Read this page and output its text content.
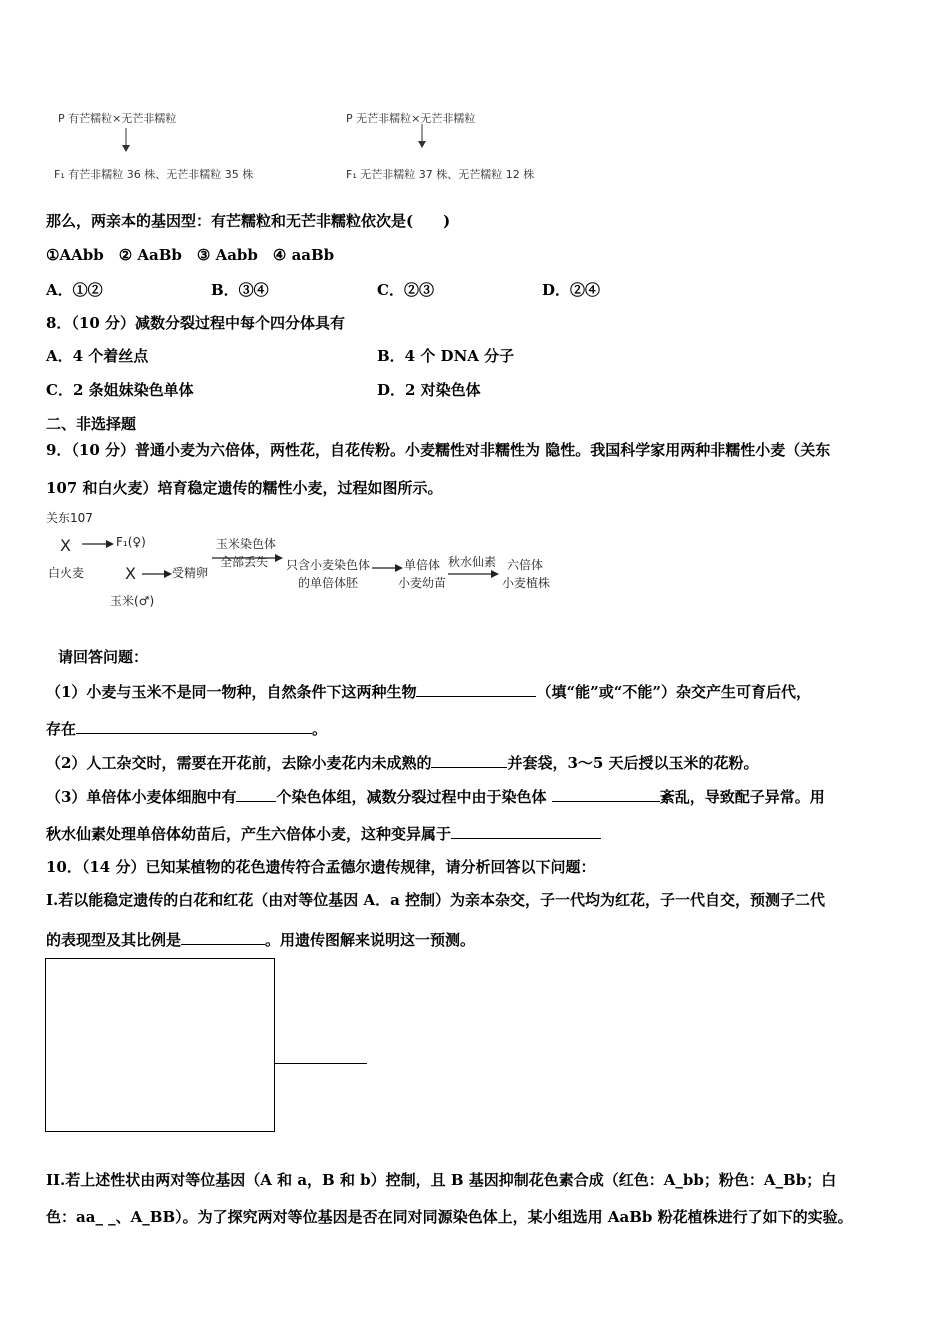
P 有芒糯粒×无芒非糯粒
F₁ 有芒非糯粒 36 株、无芒非糯粒 35 株
P 无芒非糯粒×无芒非糯粒
F₁ 无芒非糯粒 37 株、无芒糯粒 12 株
那么，两亲本的基因型：有芒糯粒和无芒非糯粒依次是(　　)
①AAbb　② AaBb　③ Aabb　④ aaBb
A．①②	B．③④	C．②③	D．②④
8．（10 分）减数分裂过程中每个四分体具有
A．4 个着丝点	B．4 个 DNA 分子
C．2 条姐妹染色单体	D．2 对染色体
二、非选择题
9．（10 分）普通小麦为六倍体，两性花，自花传粉。小麦糯性对非糯性为 隐性。我国科学家用两种非糯性小麦（关东
107 和白火麦）培育稳定遗传的糯性小麦，过程如图所示。
关东107
X	F₁(♀)
白火麦	X	受精卵
玉米(♂)
玉米染色体
全部丢失 只含小麦染色体
的单倍体胚
单倍体
小麦幼苗
秋水仙素 六倍体
小麦植株
请回答问题：
（1）小麦与玉米不是同一物种，自然条件下这两种生物	（填“能”或“不能”）杂交产生可育后代，
存在	。
（2）人工杂交时，需要在开花前，去除小麦花内未成熟的	并套袋，3～5 天后授以玉米的花粉。
（3）单倍体小麦体细胞中有	个染色体组，减数分裂过程中由于染色体	紊乱，导致配子异常。用
秋水仙素处理单倍体幼苗后，产生六倍体小麦，这种变异属于
10．（14 分）已知某植物的花色遗传符合孟德尔遗传规律，请分析回答以下问题：
I.若以能稳定遗传的白花和红花（由对等位基因 A．a 控制）为亲本杂交，子一代均为红花，子一代自交，预测子二代
的表现型及其比例是	。用遗传图解来说明这一预测。
II.若上述性状由两对等位基因（A 和 a，B 和 b）控制，且 B 基因抑制花色素合成（红色：A_bb；粉色：A_Bb；白
色：aa_ _、A_BB）。为了探究两对等位基因是否在同对同源染色体上，某小组选用 AaBb 粉花植株进行了如下的实验。
